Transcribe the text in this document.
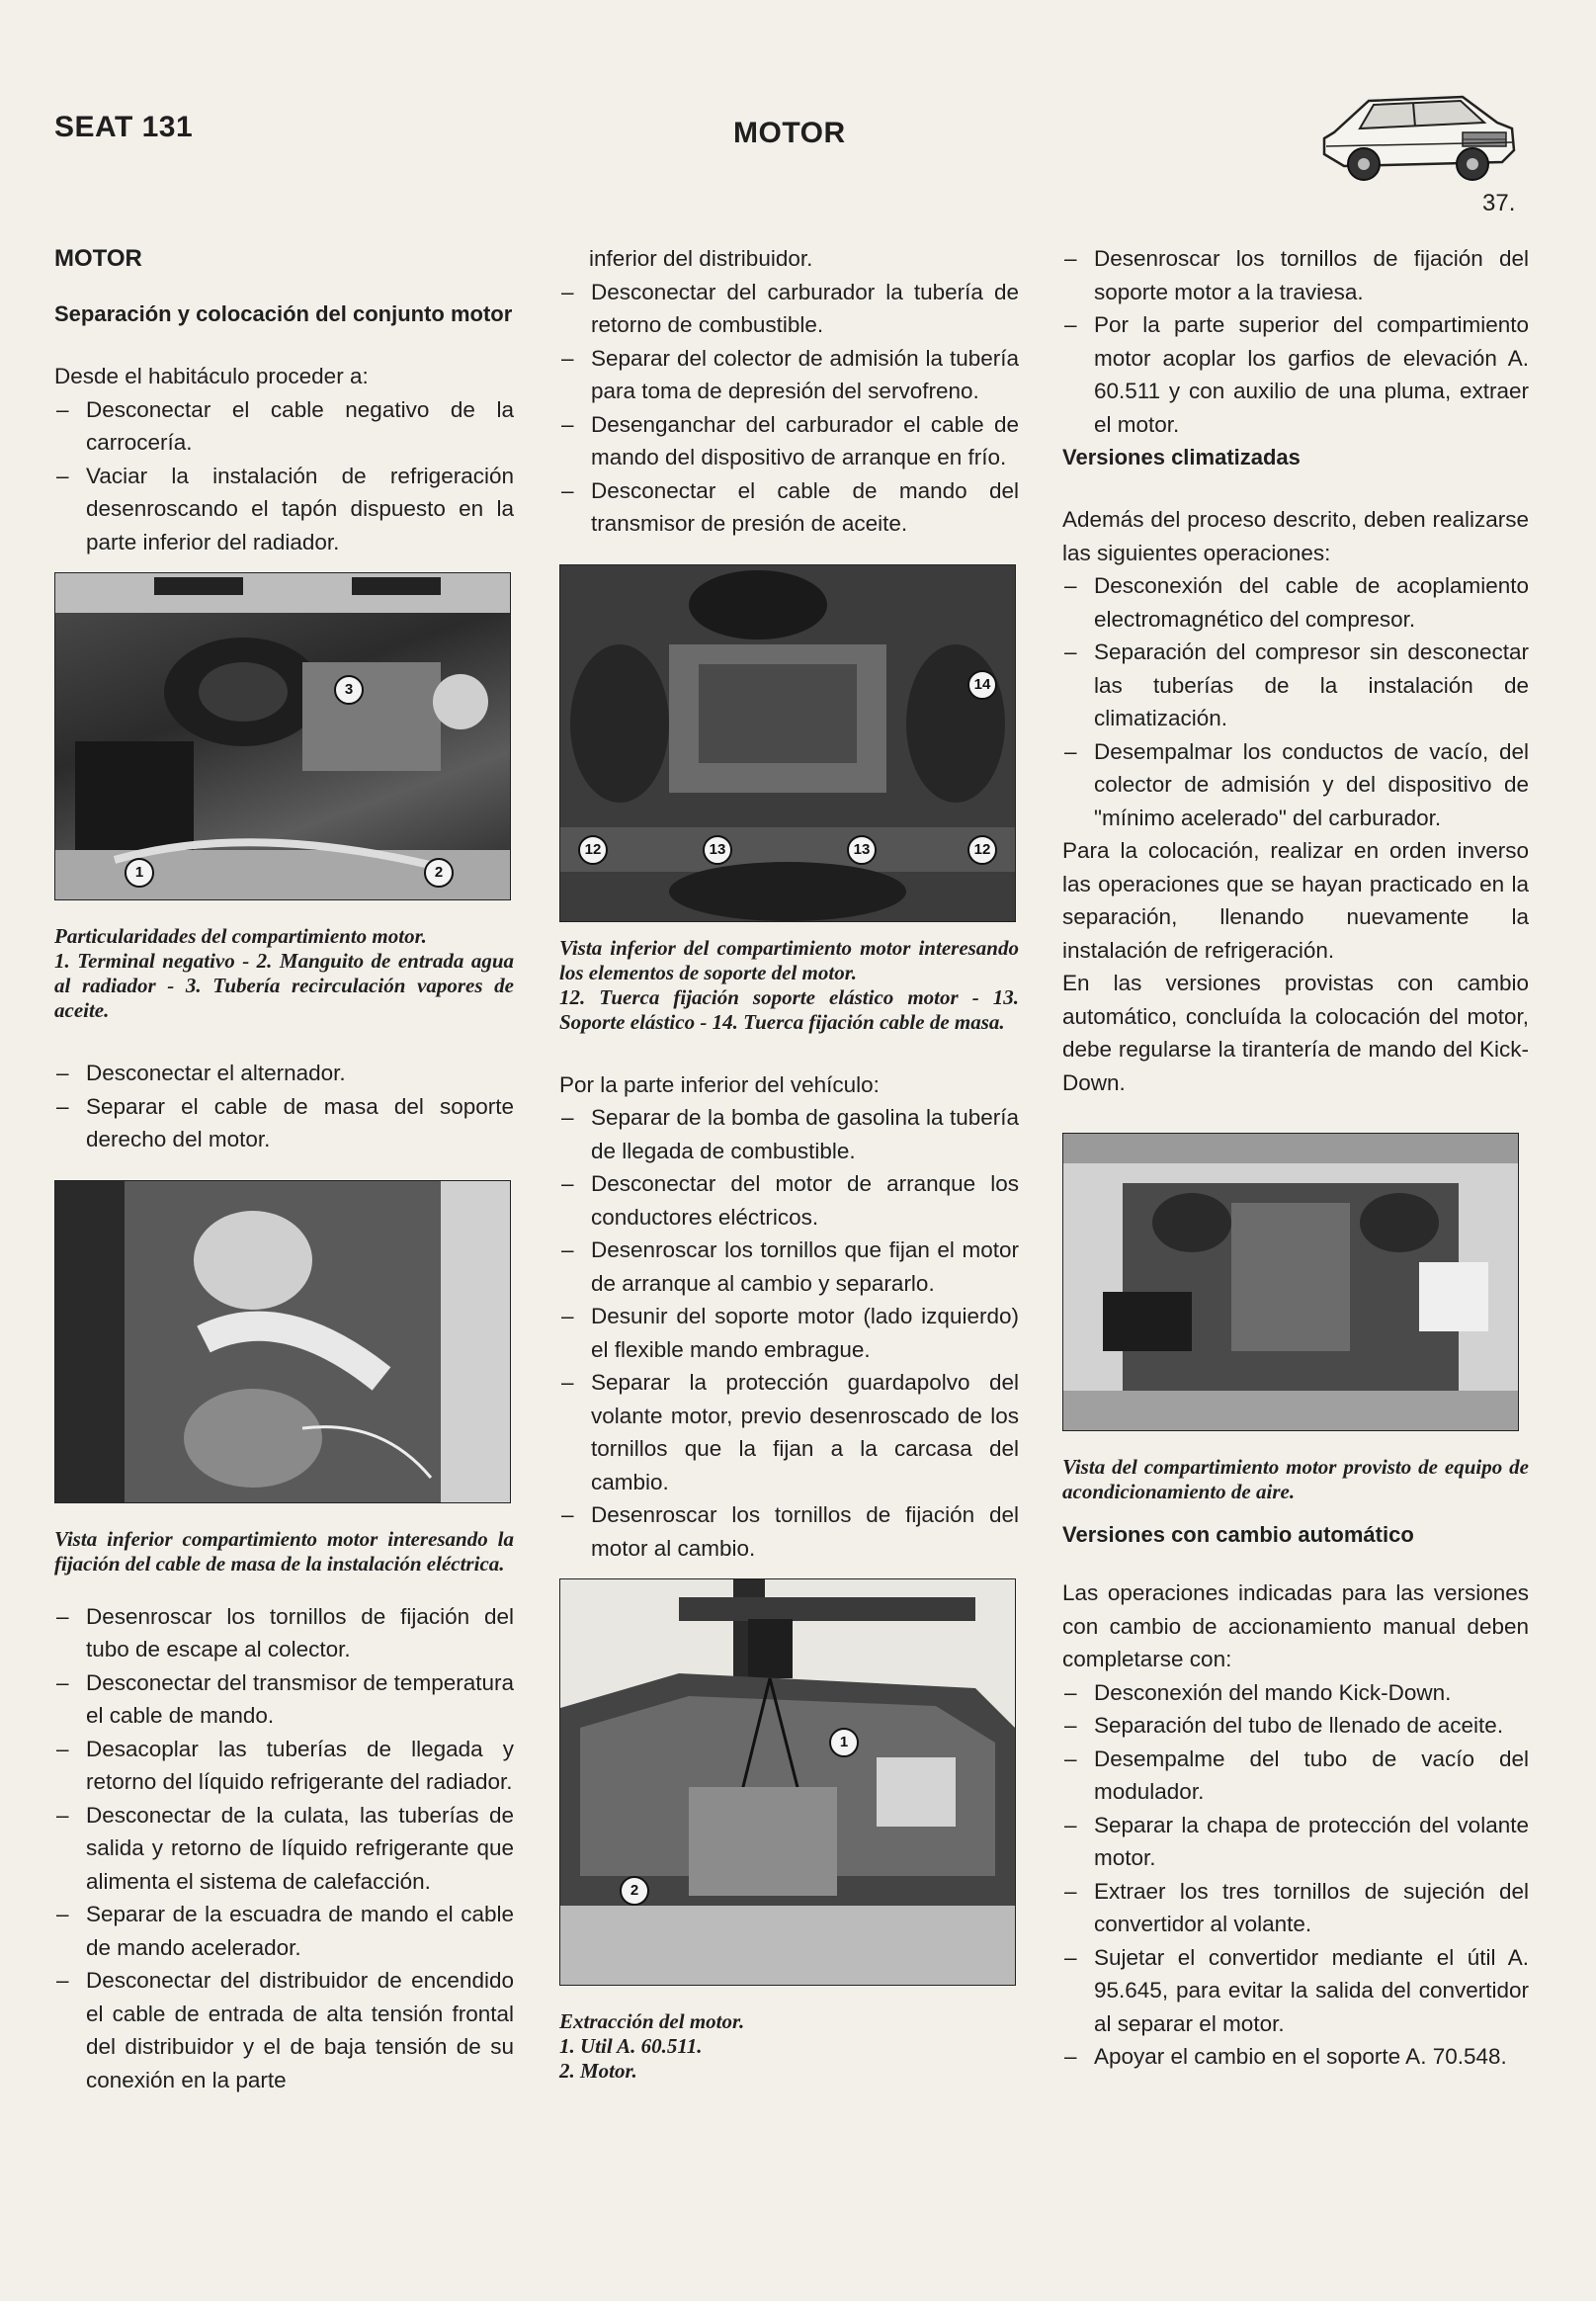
SEAT 131	MOTOR
37.
MOTOR
Separación y colocación del conjunto motor

Desde el habitáculo proceder a:

– Desconectar el cable negativo de la carrocería.
– Vaciar la instalación de refrigeración desenroscando el tapón dispuesto en la parte inferior del radiador.
3
1	2

Particularidades del compartimiento motor.

1. Terminal negativo - 2. Manguito de entrada agua al radiador - 3. Tubería recirculación vapores de aceite.

– Desconectar el alternador.
– Separar el cable de masa del soporte derecho del motor.

Vista inferior compartimiento motor interesando la fijación del cable de masa de la instalación eléctrica.

– Desenroscar los tornillos de fijación del tubo de escape al colector.
– Desconectar del transmisor de temperatura el cable de mando.
– Desacoplar las tuberías de llegada y retorno del líquido refrigerante del radiador.
– Desconectar de la culata, las tuberías de salida y retorno de líquido refrigerante que alimenta el sistema de calefacción.
– Separar de la escuadra de mando el cable de mando acelerador.
– Desconectar del distribuidor de encendido el cable de entrada de alta tensión frontal del distribuidor y el de baja tensión de su conexión en la parte

inferior del distribuidor.

– Desconectar del carburador la tubería de retorno de combustible.
– Separar del colector de admisión la tubería para toma de depresión del servofreno.
– Desenganchar del carburador el cable de mando del dispositivo de arranque en frío.
– Desconectar el cable de mando del transmisor de presión de aceite.
12	13	13	12
14

Vista inferior del compartimiento motor interesando los elementos de soporte del motor.

12. Tuerca fijación soporte elástico motor - 13. Soporte elástico - 14. Tuerca fijación cable de masa.

Por la parte inferior del vehículo:

– Separar de la bomba de gasolina la tubería de llegada de combustible.
– Desconectar del motor de arranque los conductores eléctricos.
– Desenroscar los tornillos que fijan el motor de arranque al cambio y separarlo.
– Desunir del soporte motor (lado izquierdo) el flexible mando embrague.
– Separar la protección guardapolvo del volante motor, previo desenroscado de los tornillos que la fijan a la carcasa del cambio.
– Desenroscar los tornillos de fijación del motor al cambio.
1
2
Extracción del motor.
1. Util A. 60.511.
2. Motor.
– Desenroscar los tornillos de fijación del soporte motor a la traviesa.
– Por la parte superior del compartimiento motor acoplar los garfios de elevación A. 60.511 y con auxilio de una pluma, extraer el motor.
Versiones climatizadas

Además del proceso descrito, deben realizarse las siguientes operaciones:

– Desconexión del cable de acoplamiento electromagnético del compresor.
– Separación del compresor sin desconectar las tuberías de la instalación de climatización.
– Desempalmar los conductos de vacío, del colector de admisión y del dispositivo de "mínimo acelerado" del carburador.

Para la colocación, realizar en orden inverso las operaciones que se hayan practicado en la separación, llenando nuevamente la instalación de refrigeración.

En las versiones provistas con cambio automático, concluída la colocación del motor, debe regularse la tirantería de mando del Kick-Down.

Vista del compartimiento motor provisto de equipo de acondicionamiento de aire.

Versiones con cambio automático

Las operaciones indicadas para las versiones con cambio de accionamiento manual deben completarse con:

– Desconexión del mando Kick-Down.
– Separación del tubo de llenado de aceite.
– Desempalme del tubo de vacío del modulador.
– Separar la chapa de protección del volante motor.
– Extraer los tres tornillos de sujeción del convertidor al volante.
– Sujetar el convertidor mediante el útil A. 95.645, para evitar la salida del convertidor al separar el motor.
– Apoyar el cambio en el soporte A. 70.548.
